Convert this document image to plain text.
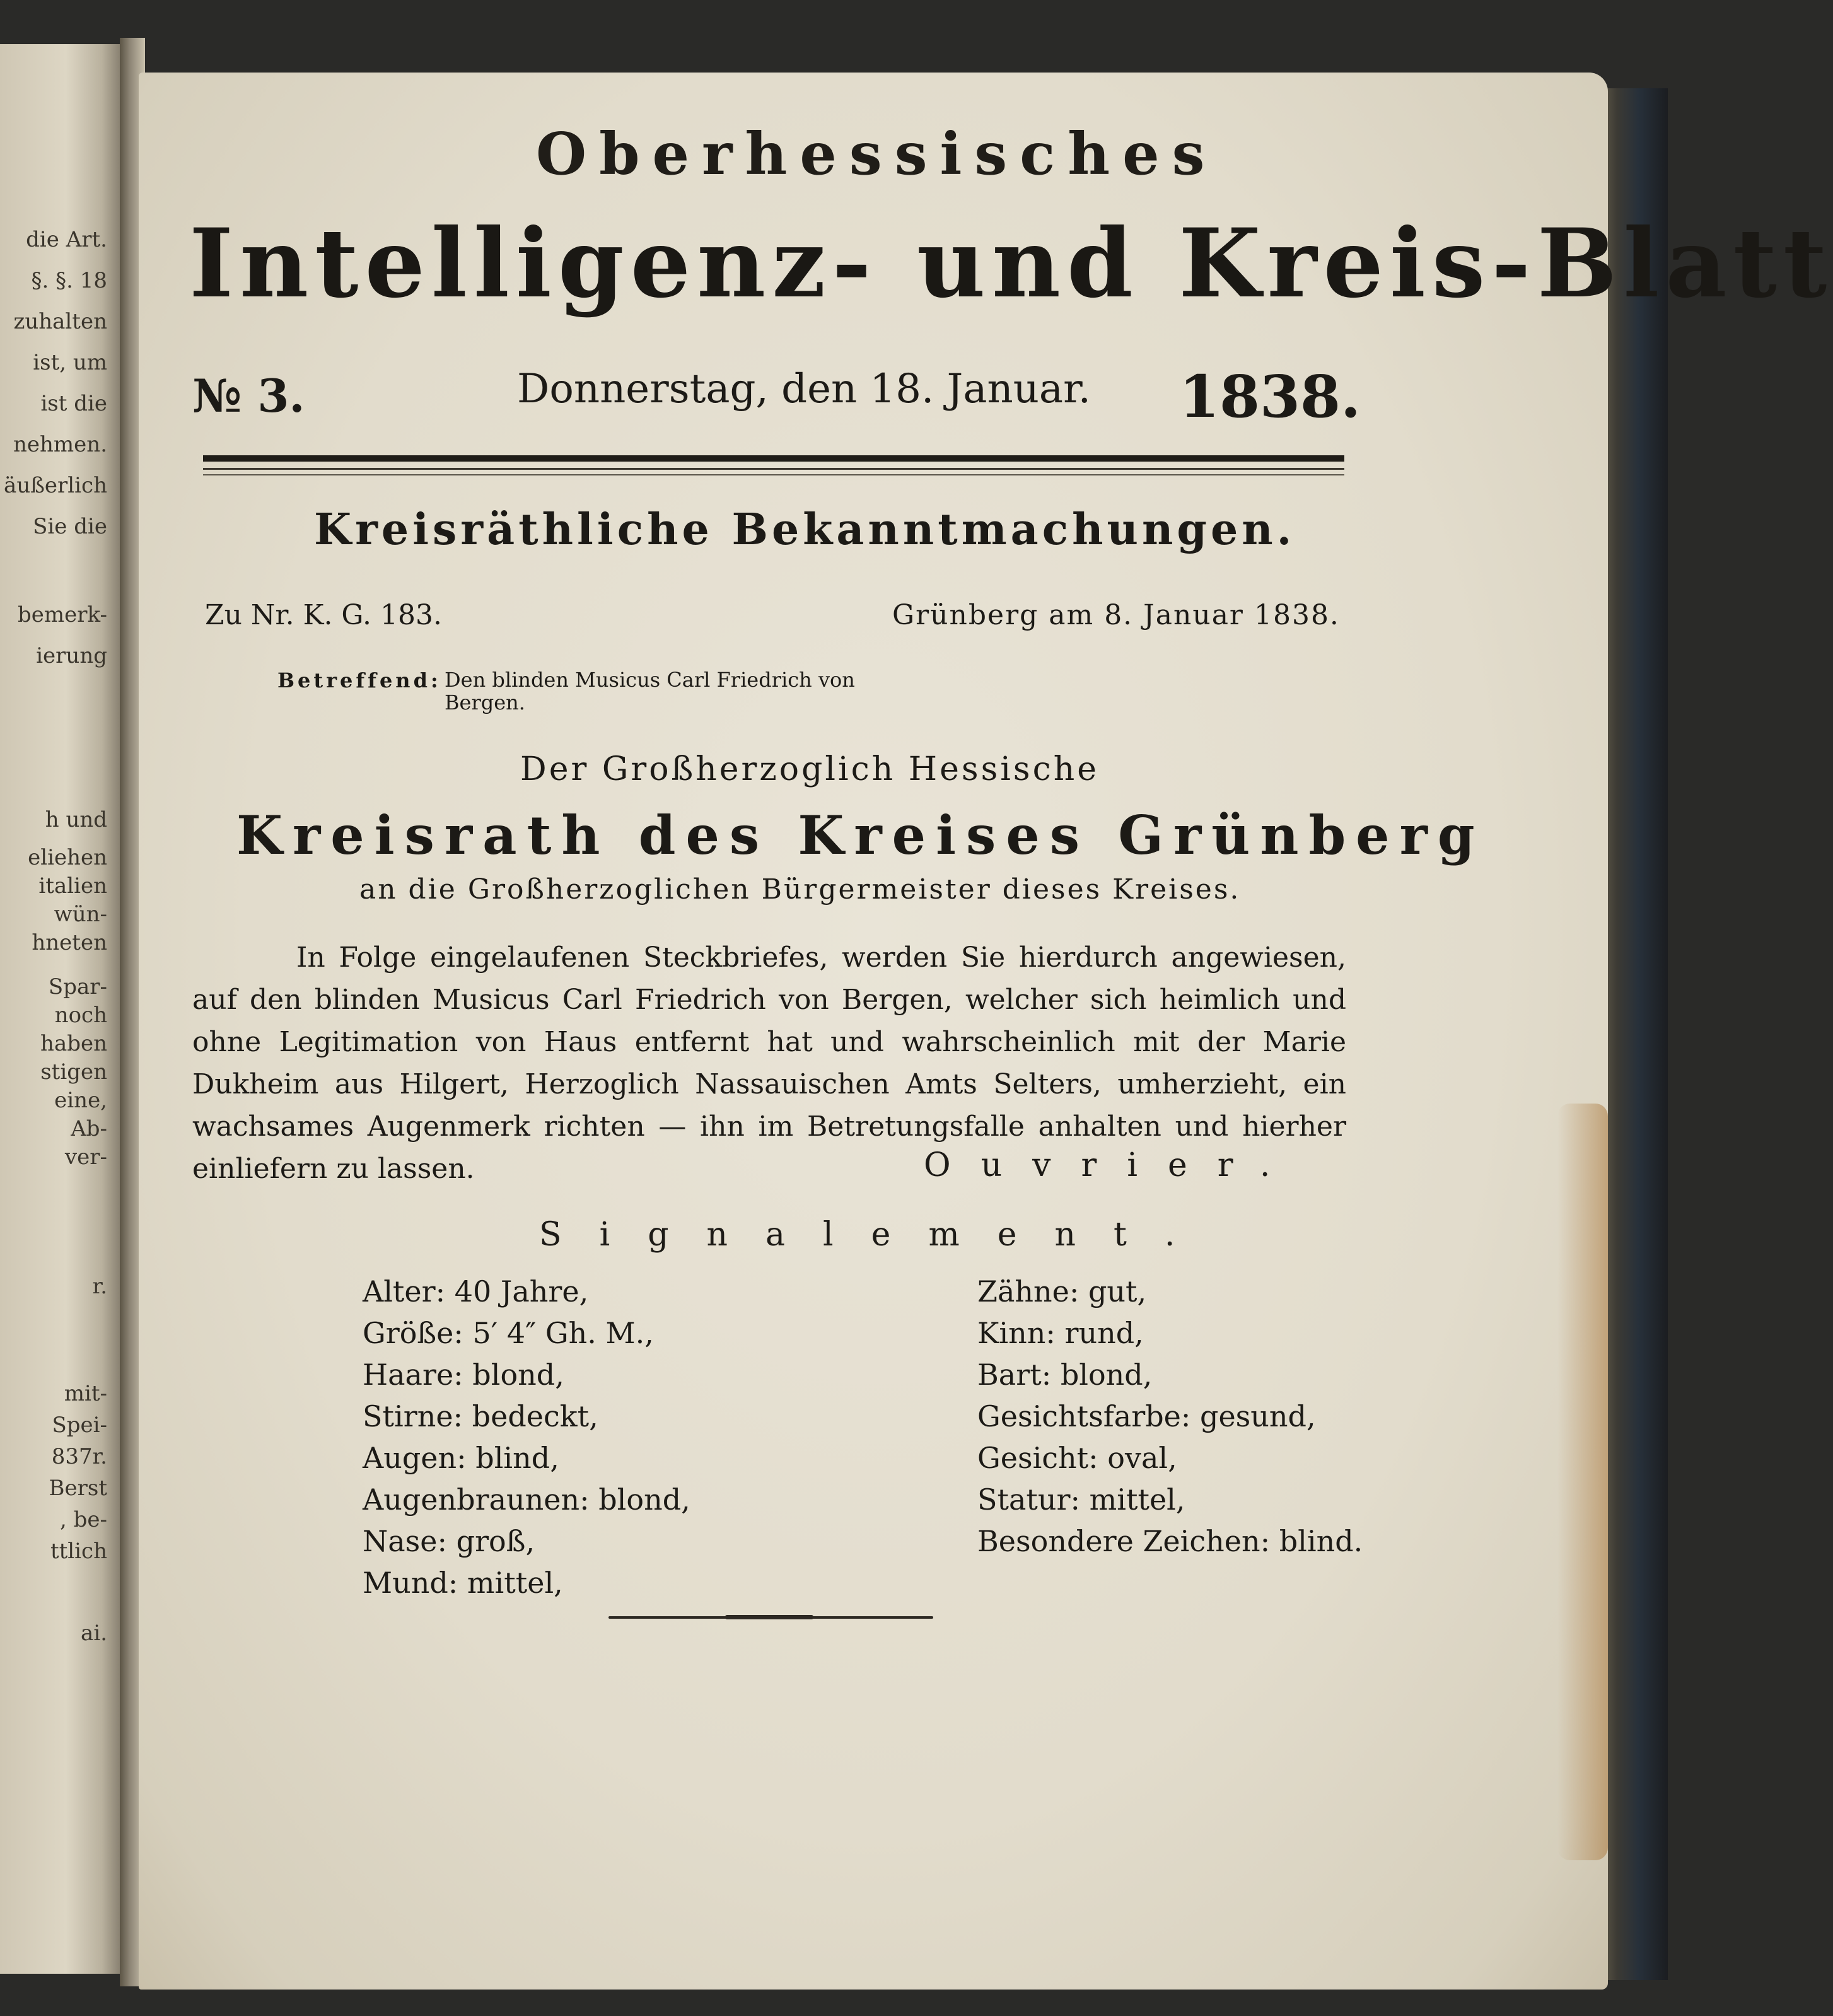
die Art.
§. §. 18
zuhalten
ist, um
ist die
nehmen.
äußerlich
Sie die
bemerk-
ierung
h und
eliehen
italien
wün-
hneten
Spar-
noch
haben
stigen
eine,
Ab-
ver-
r.
mit-
Spei-
837r.
Berst
, be-
ttlich
ai.
Oberhessisches
Intelligenz- und Kreis-Blatt
№ 3.	Donnerstag, den 18. Januar. 1838.
Kreisräthliche Bekanntmachungen.
Zu Nr. K. G. 183.	Grünberg am 8. Januar 1838.
Betreffend: Den blinden Musicus Carl Friedrich von Bergen.
Der Großherzoglich Hessische
Kreisrath des Kreises Grünberg
an die Großherzoglichen Bürgermeister dieses Kreises.
In Folge eingelaufenen Steckbriefes, werden Sie hierdurch angewiesen, auf den blinden Musicus Carl Friedrich von Bergen, welcher sich heimlich und ohne Legitimation von Haus entfernt hat und wahrscheinlich mit der Marie Dukheim aus Hilgert, Herzoglich Nassauischen Amts Selters, umherzieht, ein wachsames Augenmerk richten — ihn im Betretungsfalle anhalten und hierher einliefern zu lassen.	Ouvrier.
Signalement.
Alter: 40 Jahre,
Größe: 5′ 4″ Gh. M.,
Haare: blond,
Stirne: bedeckt,
Augen: blind,
Augenbraunen: blond,
Nase: groß,
Mund: mittel,
Zähne: gut,
Kinn: rund,
Bart: blond,
Gesichtsfarbe: gesund,
Gesicht: oval,
Statur: mittel,
Besondere Zeichen: blind.
